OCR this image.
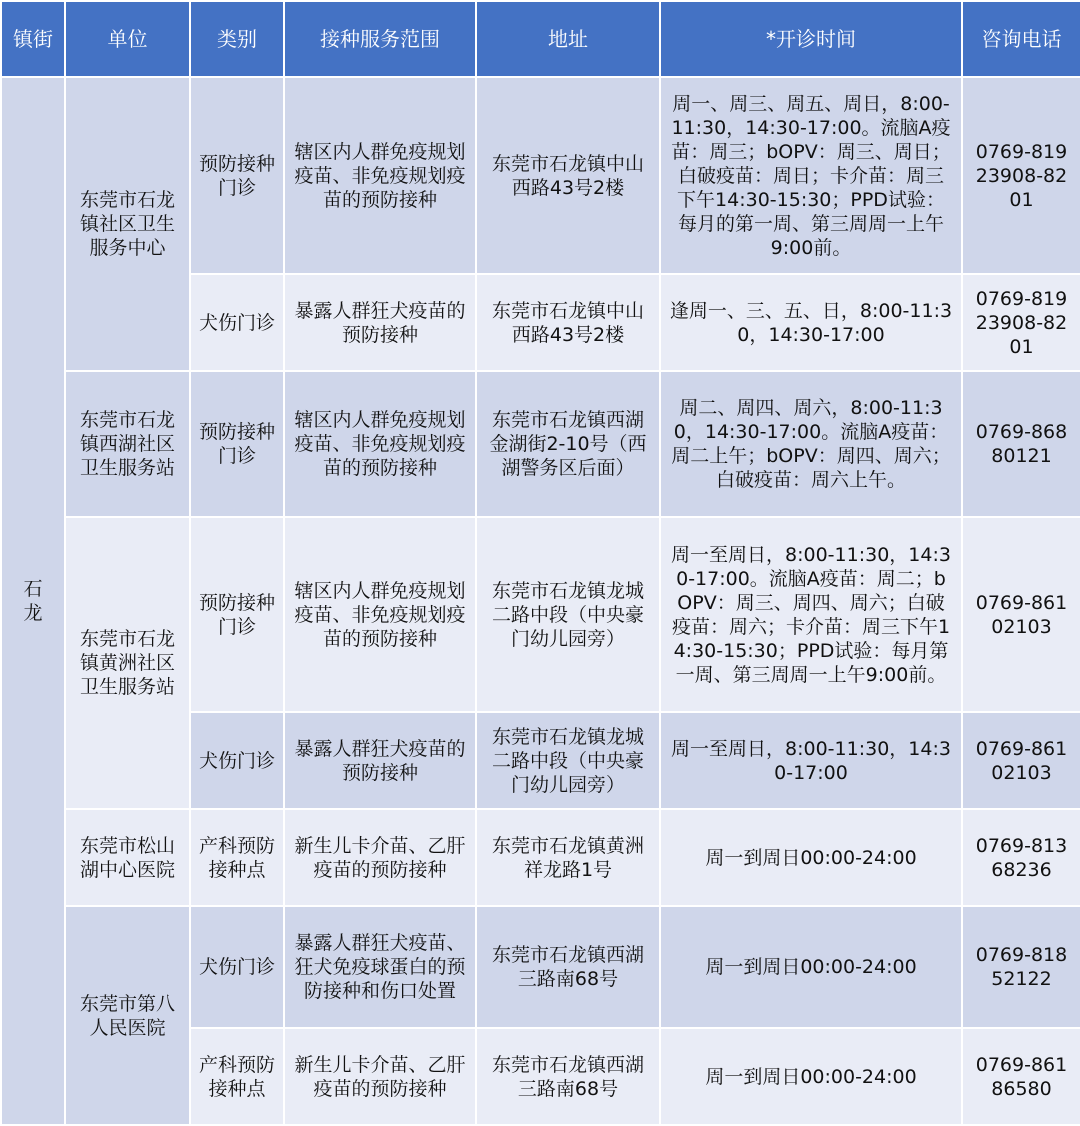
镇街	单位	类别	接种服务范围	地址	*开诊时间	咨询电话
石龙	东莞市石龙镇社区卫生服务中心	预防接种门诊	辖区内人群免疫规划疫苗、非免疫规划疫苗的预防接种	东莞市石龙镇中山西路43号2楼	周一、周三、周五、周日，8:00-11:30，14:30-17:00。流脑A疫苗：周三；bOPV：周三、周日；白破疫苗：周日；卡介苗：周三下午14:30-15:30；PPD试验：每月的第一周、第三周周一上午9:00前。	0769-81923908-8201
		犬伤门诊	暴露人群狂犬疫苗的预防接种	东莞市石龙镇中山西路43号2楼	逢周一、三、五、日，8:00-11:30，14:30-17:00	0769-81923908-8201
	东莞市石龙镇西湖社区卫生服务站	预防接种门诊	辖区内人群免疫规划疫苗、非免疫规划疫苗的预防接种	东莞市石龙镇西湖金湖街2-10号（西湖警务区后面）	周二、周四、周六，8:00-11:30，14:30-17:00。流脑A疫苗：周二上午；bOPV：周四、周六；白破疫苗：周六上午。	0769-86880121
	东莞市石龙镇黄洲社区卫生服务站	预防接种门诊	辖区内人群免疫规划疫苗、非免疫规划疫苗的预防接种	东莞市石龙镇龙城二路中段（中央豪门幼儿园旁）	周一至周日，8:00-11:30，14:30-17:00。流脑A疫苗：周二；bOPV：周三、周四、周六；白破疫苗：周六；卡介苗：周三下午14:30-15:30；PPD试验：每月第一周、第三周周一上午9:00前。	0769-86102103
		犬伤门诊	暴露人群狂犬疫苗的预防接种	东莞市石龙镇龙城二路中段（中央豪门幼儿园旁）	周一至周日，8:00-11:30，14:30-17:00	0769-86102103
	东莞市松山湖中心医院	产科预防接种点	新生儿卡介苗、乙肝疫苗的预防接种	东莞市石龙镇黄洲祥龙路1号	周一到周日00:00-24:00	0769-81368236
	东莞市第八人民医院	犬伤门诊	暴露人群狂犬疫苗、狂犬免疫球蛋白的预防接种和伤口处置	东莞市石龙镇西湖三路南68号	周一到周日00:00-24:00	0769-81852122
		产科预防接种点	新生儿卡介苗、乙肝疫苗的预防接种	东莞市石龙镇西湖三路南68号	周一到周日00:00-24:00	0769-86186580
